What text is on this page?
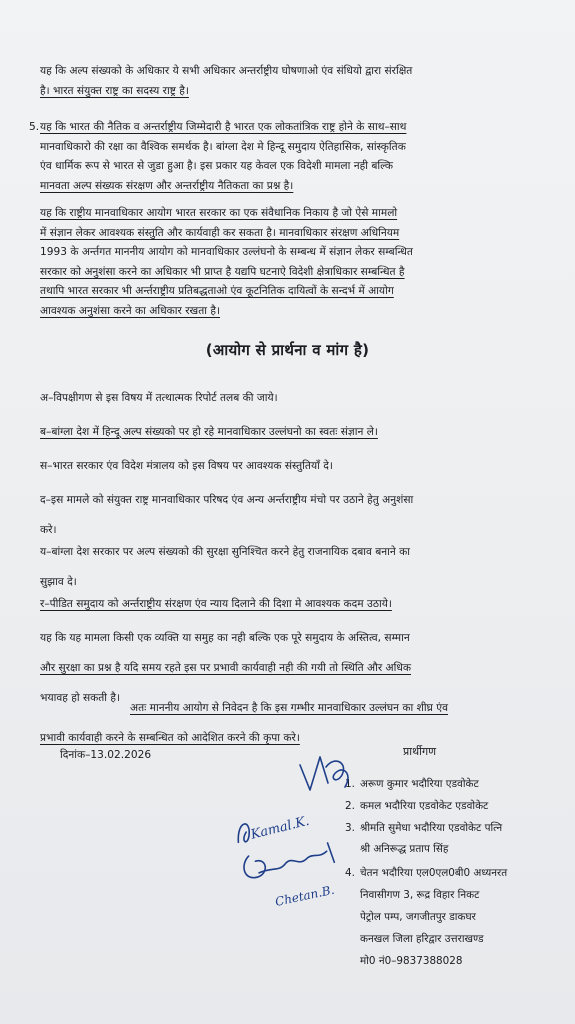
यह कि अल्प संख्यको के अधिकार ये सभी अधिकार अन्तर्राष्ट्रीय घोषणाओ एंव संधियो द्वारा संरक्षित

है। भारत संयुक्त राष्ट्र का सदस्य राष्ट्र है।

5. यह कि भारत की नैतिक व अन्तर्राष्ट्रीय जिम्मेदारी है भारत एक लोकतांत्रिक राष्ट्र होने के साथ–साथ

मानवाधिकारो की रक्षा का वैश्विक समर्थक है। बांग्ला देश मे हिन्दू समुदाय ऐतिहासिक, सांस्कृतिक

एंव धार्मिक रूप से भारत से जुडा हुआ है। इस प्रकार यह केवल एक विदेशी मामला नही बल्कि

मानवता अल्प संख्यक संरक्षण और अन्तर्राष्ट्रीय नैतिकता का प्रश्न है।

यह कि राष्ट्रीय मानवाधिकार आयोग भारत सरकार का एक संवैधानिक निकाय है जो ऐसे मामलो

में संज्ञान लेकर आवश्यक संस्तुति और कार्यवाही कर सकता है। मानवाधिकार संरक्षण अधिनियम

1993 के अर्न्तगत माननीय आयोग को मानवाधिकार उल्लंघनो के सम्बन्ध में संज्ञान लेकर सम्बन्धित

सरकार को अनुशंसा करने का अधिकार भी प्राप्त है यद्यपि घटनाऐ विदेशी क्षेत्राधिकार सम्बन्धित है

तथापि भारत सरकार भी अर्न्तराष्ट्रीय प्रतिबद्धताओ एंव कूटनितिक दायित्वों के सन्दर्भ में आयोग

आवश्यक अनुशंसा करने का अधिकार रखता है।

(आयोग से प्रार्थना व मांग है)

अ–विपक्षीगण से इस विषय में तत्थात्मक रिपोर्ट तलब की जाये।

ब–बांग्ला देश में हिन्दू अल्प संख्यको पर हो रहे मानवाधिकार उल्लंघनो का स्वतः संज्ञान ले।

स–भारत सरकार एंव विदेश मंत्रालय को इस विषय पर आवश्यक संस्तुतियॉं दे।

द–इस मामले को संयुक्त राष्ट्र मानवाधिकार परिषद एंव अन्य अर्न्तराष्ट्रीय मंचो पर उठाने हेतु अनुशंसा

करे।

य–बांग्ला देश सरकार पर अल्प संख्यको की सुरक्षा सुनिश्चित करने हेतु राजनायिक दबाव बनाने का

सुझाव दे।

र–पीडित समुदाय को अर्न्तराष्ट्रीय संरक्षण एंव न्याय दिलाने की दिशा मे आवश्यक कदम उठाये।

यह कि यह मामला किसी एक व्यक्ति या समुह का नही बल्कि एक पूरे समुदाय के अस्तित्व, सम्मान

और सुरक्षा का प्रश्न है यदि समय रहते इस पर प्रभावी कार्यवाही नही की गयी तो स्थिति और अधिक

भयावह हो सकती है।

अतः माननीय आयोग से निवेदन है कि इस गम्भीर मानवाधिकार उल्लंघन का शीघ्र एंव

प्रभावी कार्यवाही करने के सम्बन्धित को आदेशित करने की कृपा करे।

दिनांक–13.02.2026	प्रार्थीगण
1. अरूण कुमार भदौरिया एडवोकेट
2. कमल भदौरिया एडवोकेट एडवोकेट
3. श्रीमति सुमेधा भदौरिया एडवोकेट पत्नि
श्री अनिरूद्ध प्रताप सिंह
4. चेतन भदौरिया एल0एल0बी0 अध्यनरत
निवासीगण 3, रूद्र विहार निकट
पेट्रोल पम्प, जगजीतपुर डाकघर
कनखल जिला हरिद्वार उत्तराखण्ड
मो0 नं0–9837388028
Kamal.K.
Chetan.B.
